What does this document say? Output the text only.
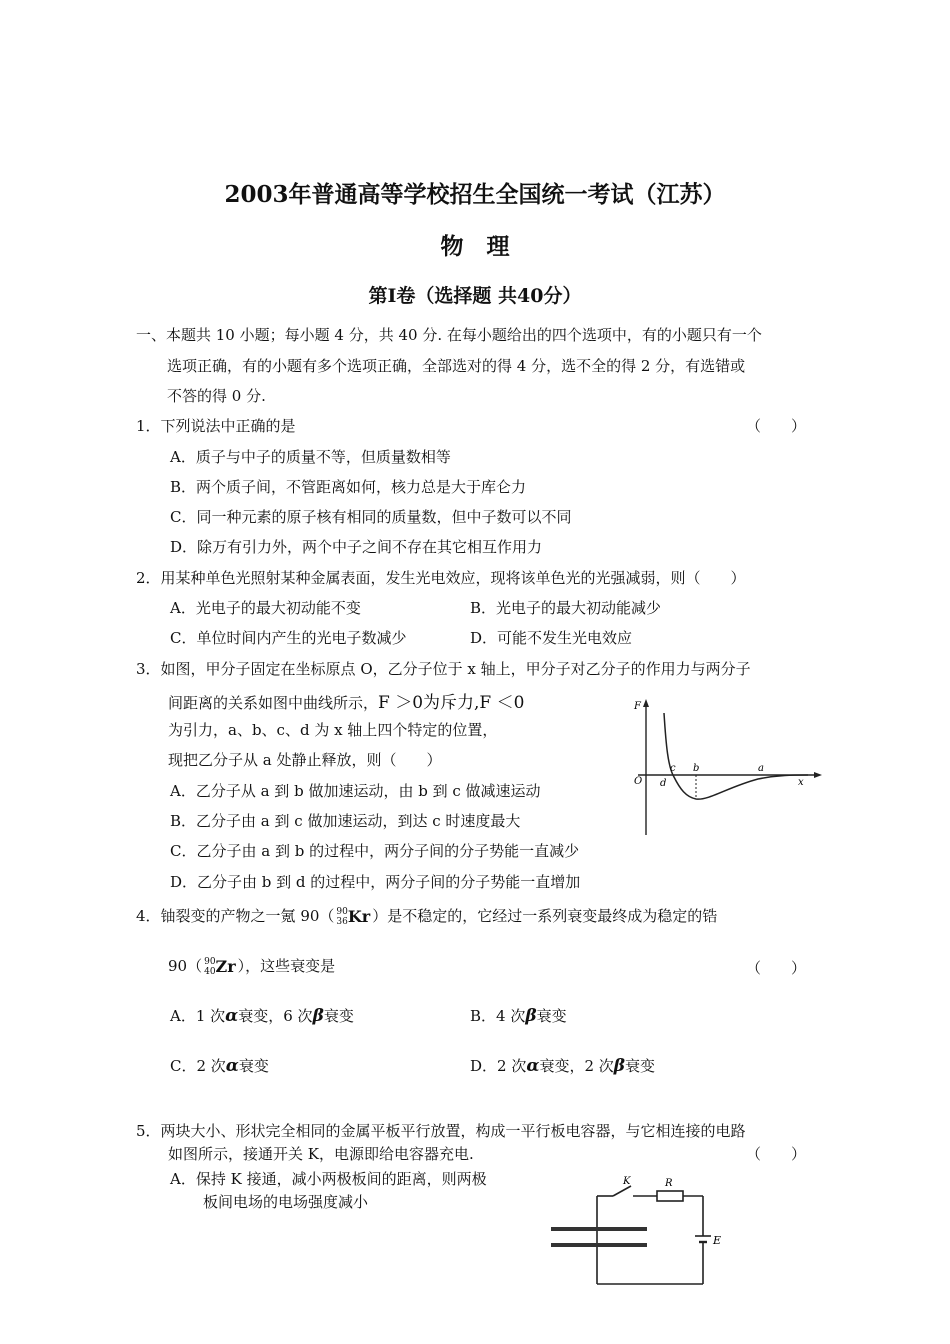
2003年普通高等学校招生全国统一考试（江苏）
物　理
第Ⅰ卷（选择题 共40分）
一、本题共 10 小题；每小题 4 分，共 40 分. 在每小题给出的四个选项中，有的小题只有一个
选项正确，有的小题有多个选项正确，全部选对的得 4 分，选不全的得 2 分，有选错或
不答的得 0 分.
1．下列说法中正确的是	（　　）
A．质子与中子的质量不等，但质量数相等
B．两个质子间，不管距离如何，核力总是大于库仑力
C．同一种元素的原子核有相同的质量数，但中子数可以不同
D．除万有引力外，两个中子之间不存在其它相互作用力
2．用某种单色光照射某种金属表面，发生光电效应，现将该单色光的光强减弱，则（　　）
A．光电子的最大初动能不变	B．光电子的最大初动能减少
C．单位时间内产生的光电子数减少	D．可能不发生光电效应
3．如图，甲分子固定在坐标原点 O，乙分子位于 x 轴上，甲分子对乙分子的作用力与两分子
间距离的关系如图中曲线所示，F ＞0为斥力,F ＜0
为引力，a、b、c、d 为 x 轴上四个特定的位置，
现把乙分子从 a 处静止释放，则（　　）
A．乙分子从 a 到 b 做加速运动，由 b 到 c 做减速运动
B．乙分子由 a 到 c 做加速运动，到达 c 时速度最大
C．乙分子由 a 到 b 的过程中，两分子间的分子势能一直减少
D．乙分子由 b 到 d 的过程中，两分子间的分子势能一直增加
F
O	x
a
b
c
d
4．铀裂变的产物之一氪 90（ 90
36Kr ）是不稳定的，它经过一系列衰变最终成为稳定的锆
90（ 90
40Zr ），这些衰变是	（　　）
A．1 次α衰变，6 次β衰变	B．4 次β衰变
C．2 次α衰变	D．2 次α衰变，2 次β衰变
5．两块大小、形状完全相同的金属平板平行放置，构成一平行板电容器，与它相连接的电路
如图所示，接通开关 K，电源即给电容器充电.	（　　）
A．保持 K 接通，减小两极板间的距离，则两极
板间电场的电场强度减小
K	R
E
